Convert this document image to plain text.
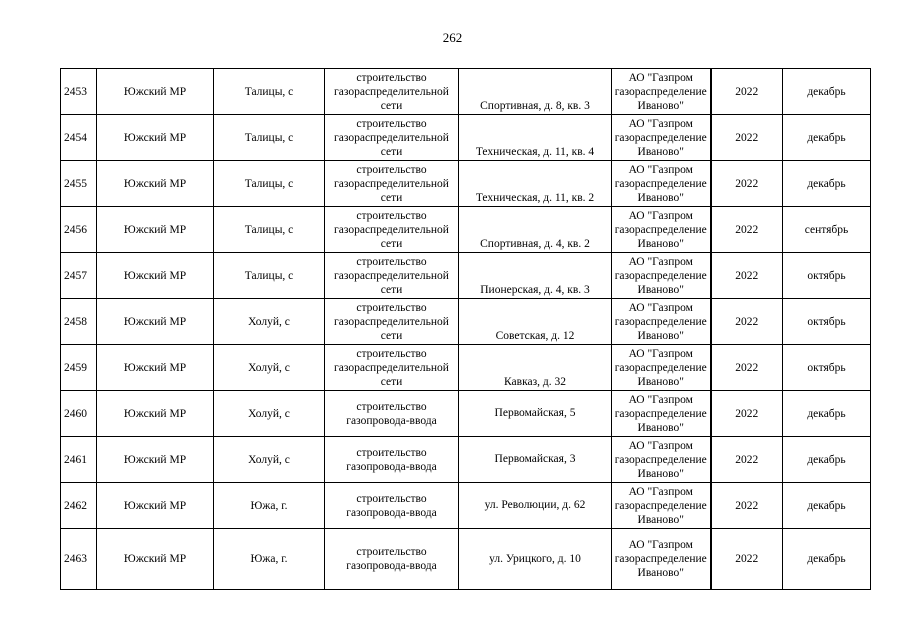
262
2453	Южский МР	Талицы, с	строительство газораспределительной сети	Спортивная, д. 8, кв. 3	АО "Газпром газораспределение Иваново"	2022	декабрь
2454	Южский МР	Талицы, с	строительство газораспределительной сети	Техническая, д. 11, кв. 4	АО "Газпром газораспределение Иваново"	2022	декабрь
2455	Южский МР	Талицы, с	строительство газораспределительной сети	Техническая, д. 11, кв. 2	АО "Газпром газораспределение Иваново"	2022	декабрь
2456	Южский МР	Талицы, с	строительство газораспределительной сети	Спортивная, д. 4, кв. 2	АО "Газпром газораспределение Иваново"	2022	сентябрь
2457	Южский МР	Талицы, с	строительство газораспределительной сети	Пионерская, д. 4, кв. 3	АО "Газпром газораспределение Иваново"	2022	октябрь
2458	Южский МР	Холуй, с	строительство газораспределительной сети	Советская, д. 12	АО "Газпром газораспределение Иваново"	2022	октябрь
2459	Южский МР	Холуй, с	строительство газораспределительной сети	Кавказ, д. 32	АО "Газпром газораспределение Иваново"	2022	октябрь
2460	Южский МР	Холуй, с	строительство газопровода-ввода	Первомайская, 5	АО "Газпром газораспределение Иваново"	2022	декабрь
2461	Южский МР	Холуй, с	строительство газопровода-ввода	Первомайская, 3	АО "Газпром газораспределение Иваново"	2022	декабрь
2462	Южский МР	Южа, г.	строительство газопровода-ввода	ул. Революции, д. 62	АО "Газпром газораспределение Иваново"	2022	декабрь
2463	Южский МР	Южа, г.	строительство газопровода-ввода	ул. Урицкого, д. 10	АО "Газпром газораспределение Иваново"	2022	декабрь
